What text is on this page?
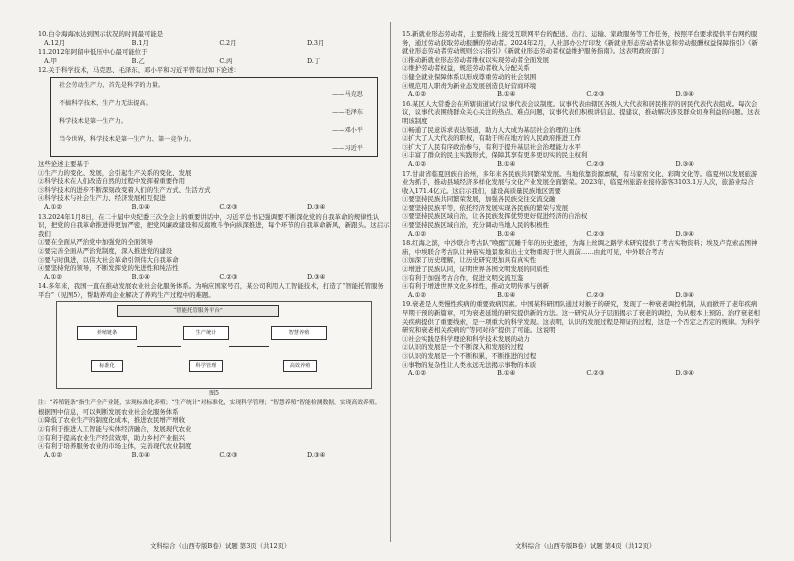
10.白令海海冰达到图示状况的时间最可能是

A.12月	B.1月	C.2月	D.3月

11.2012年阿留申低压中心最可能位于

A.甲	B.乙	C.丙	D.丁

12.关于科学技术，马克思、毛泽东、邓小平和习近平曾有过如下论述：

社会劳动生产力，首先是科学的力量。
——马克思
不搞科学技术，生产力无法提高。
——毛泽东
科学技术是第一生产力。
——邓小平
当今世界，科学技术是第一生产力、第一竞争力。
——习近平

这些论述主要基于

①生产力的变化、发展，会引起生产关系的变化、发展

②科学技术在人们改造自然的过程中发挥着重要作用

③科学技术的进步不断深刻改变着人们的生产方式、生活方式

④科学技术与社会生产力、经济发展相互促进

A.①②	B.①④	C.②③	D.③④

13.2024年1月8日，在二十届中央纪委三次全会上的重要讲话中，习近平总书记强调要不断深化党的自我革命的规律性认识，把党的自我革命推进得更加严密，把党风廉政建设和反腐败斗争向纵深推进，每个环节的自我革命新风，新跟头。这启示我们

①要在全面从严治党中加强党的全面领导

②要完善全面从严治党制度，深入推进党的建设

③要与时俱进，以伟大社会革命引领伟大自我革命

④要坚持党的领导，不断发挥党的先进性和纯洁性

A.①②	B.①④	C.②③	D.③④

14.多年来，我国一直在推动发展农业社会化服务体系。为响应国家号召，某公司利用人工智能技术，打造了“智能托管服务平台”（见图5），帮助养鸡企业解决了养鸡生产过程中的难题。

“智能托管服务平台”
养殖链条
标准化
生产统计
科学管理
智慧养殖
高效养殖

图5

注：“养殖链条”指生产全产业链，实现标准化养殖；“生产统计”对标准化，实现科学管理；“智慧养殖”智能检测数据，实现高效养殖。

根据图中信息，可以判断发展农业社会化服务体系

①降低了农业生产的制度化成本，推进农民增产增收

②有利于推进人工智能与实体经济融合，发展现代农业

③有利于提高农业生产经营效率，助力乡村产业振兴

④有利于培养服务农业的市场主体，完善现代农业制度

A.①②	B.①④	C.②③	D.③④

15.新就业形态劳动者，主要指线上接受互联网平台的配送、出行、运输、家政服务等工作任务，按照平台要求提供平台网约服务，通过劳动获取劳动报酬的劳动者。2024年2月，人社部办公厅印发《新就业形态劳动者休息和劳动报酬权益保障指引》《新就业形态劳动者劳动规则公示指引》《新就业形态劳动者权益维护服务指南》。这表明政府部门

①推动新就业形态劳动者维权以实现劳动者全面发展

②维护劳动者权益，规范劳动者收入分配关系

③健全就业保障体系以形成尊重劳动的社会氛围

④规范用人职责为新业态发展创造良好营商环境

A.①②	B.①④	C.②③	D.③④

16.某区人大常委会在所辖街道试行议事代表会议制度。议事代表由辖区各级人大代表和居民推荐的居民代表代表组成。每次会议，议事代表围绕群众关心关注的热点、难点问题，议事代表们积极讲信息、提建议，推动解决涉及群众切身利益的问题。这表明该制度

①畅通了民意诉求表达渠道，助力人大成为基层社会治理的主体

②扩大了人大代表的职权，有助于所在地方的人民政府推进工作

③扩大了人民有序政治参与，有利于提升基层社会治理能力水平

④丰富了群众的民主实践形式，保障其享有更多更切实的民主权利

A.①②	B.①④	C.②③	D.③④

17.甘肃省临夏回族自治州，多年来各民族共同繁荣发展。当地依靠资源禀赋，有马家窑文化、彩陶文化等。临夏州以发展旅游业为抓手，推动县域经济多样化发展与文化产业发展全面繁荣。2023年，临夏州旅游业接待游客3103.1万人次，旅游业综合收入171.4亿元。这启示我们，建设高质量民族地区需要

①要坚持民族共同繁荣发展，加强各民族交往交流交融

②要坚持民族平等，依托经济发展实现各民族的繁荣与发展

③要坚持民族区域自治，让各民族发挥优势更好促进经济的自治权

④要坚持民族区域自治，充分调动当地人民的积极性

A.①②	B.①④	C.②③	D.③④

18.红海之滨，中沙联合考古队“唤醒”沉睡千年的历史遗迹，为海上丝绸之路学术研究提供了考古实物资料；埃及卢克索孟图神庙，中埃联合考古队让神庙实地景象和出土文物重现于世人面前……由此可见，中外联合考古

①加深了历史理解，让历史研究更加具有真实性

②增进了民族认同，证明世界各国文明发展的同质性

③有利于加强考古合作，促进文明交流互鉴

④有利于增进世界文化多样性，推动文明传承与创新

A.①②	B.①④	C.②③	D.③④

19.衰老是人类慢性疾病的重要致病因素。中国某科研团队通过对猴子的研究，发现了一种衰老调控机制，从而掀开了老年疾病早期干预的新篇章，可为衰老延缓的研究提供新的方法。这一研究从分子层面揭示了衰老的调控，为从根本上预防、治疗衰老相关疾病提供了重要线索，是一项重大的科学发现。这表明，认识的发展过程是辩证的过程，这是一个否定之否定的规律。为科学研究和衰老相关疾病的“等同对待”提供了可能。这说明

①社会实践是科学理论和科学技术发展的动力

②认识的发展是一个不断深入和发展的过程

③认识的发展是一个不断积累，不断推进的过程

④事物的复杂性让人类永远无法揭示事物的本质

A.①②	B.①④	C.②③	D.③④
文科综合（山西专版B卷）试题 第3页（共12页）	文科综合（山西专版B卷）试题 第4页（共12页）
